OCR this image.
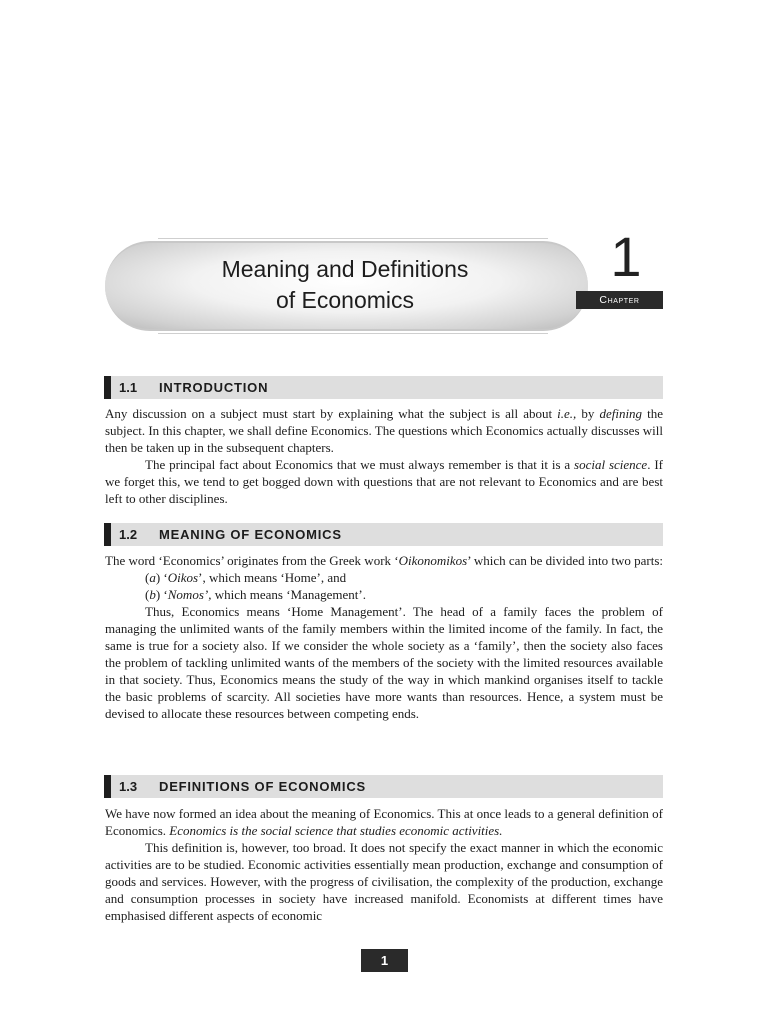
Meaning and Definitions
of Economics
1
Chapter
1.1 INTRODUCTION

Any discussion on a subject must start by explaining what the subject is all about i.e., by defining the subject. In this chapter, we shall define Economics. The questions which Economics actually discusses will then be taken up in the subsequent chapters.

The principal fact about Economics that we must always remember is that it is a social science. If we forget this, we tend to get bogged down with questions that are not relevant to Economics and are best left to other disciplines.

1.2 MEANING OF ECONOMICS

The word ‘Economics’ originates from the Greek work ‘Oikonomikos’ which can be divided into two parts:

(a) ‘Oikos’, which means ‘Home’, and

(b) ‘Nomos’, which means ‘Management’.

Thus, Economics means ‘Home Management’. The head of a family faces the problem of managing the unlimited wants of the family members within the limited income of the family. In fact, the same is true for a society also. If we consider the whole society as a ‘family’, then the society also faces the problem of tackling unlimited wants of the members of the society with the limited resources available in that society. Thus, Economics means the study of the way in which mankind organises itself to tackle the basic problems of scarcity. All societies have more wants than resources. Hence, a system must be devised to allocate these resources between competing ends.

1.3 DEFINITIONS OF ECONOMICS

We have now formed an idea about the meaning of Economics. This at once leads to a general definition of Economics. Economics is the social science that studies economic activities.

This definition is, however, too broad. It does not specify the exact manner in which the economic activities are to be studied. Economic activities essentially mean production, exchange and consumption of goods and services. However, with the progress of civilisation, the complexity of the production, exchange and consumption processes in society have increased manifold. Economists at different times have emphasised different aspects of economic

1
